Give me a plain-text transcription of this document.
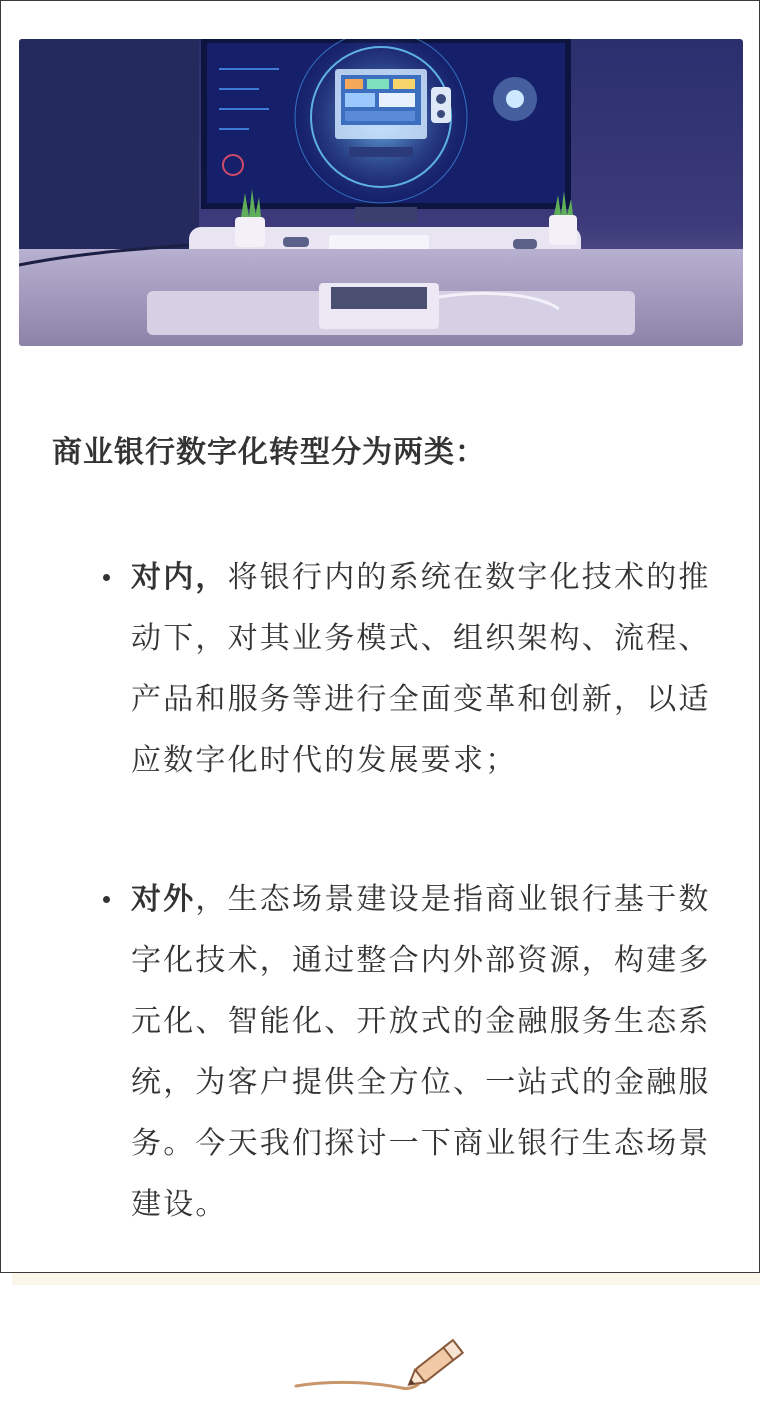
商业银行数字化转型分为两类：
对内，将银行内的系统在数字化技术的推动下，对其业务模式、组织架构、流程、产品和服务等进行全面变革和创新，以适应数字化时代的发展要求；
对外，生态场景建设是指商业银行基于数字化技术，通过整合内外部资源，构建多元化、智能化、开放式的金融服务生态系统，为客户提供全方位、一站式的金融服务。今天我们探讨一下商业银行生态场景建设。
